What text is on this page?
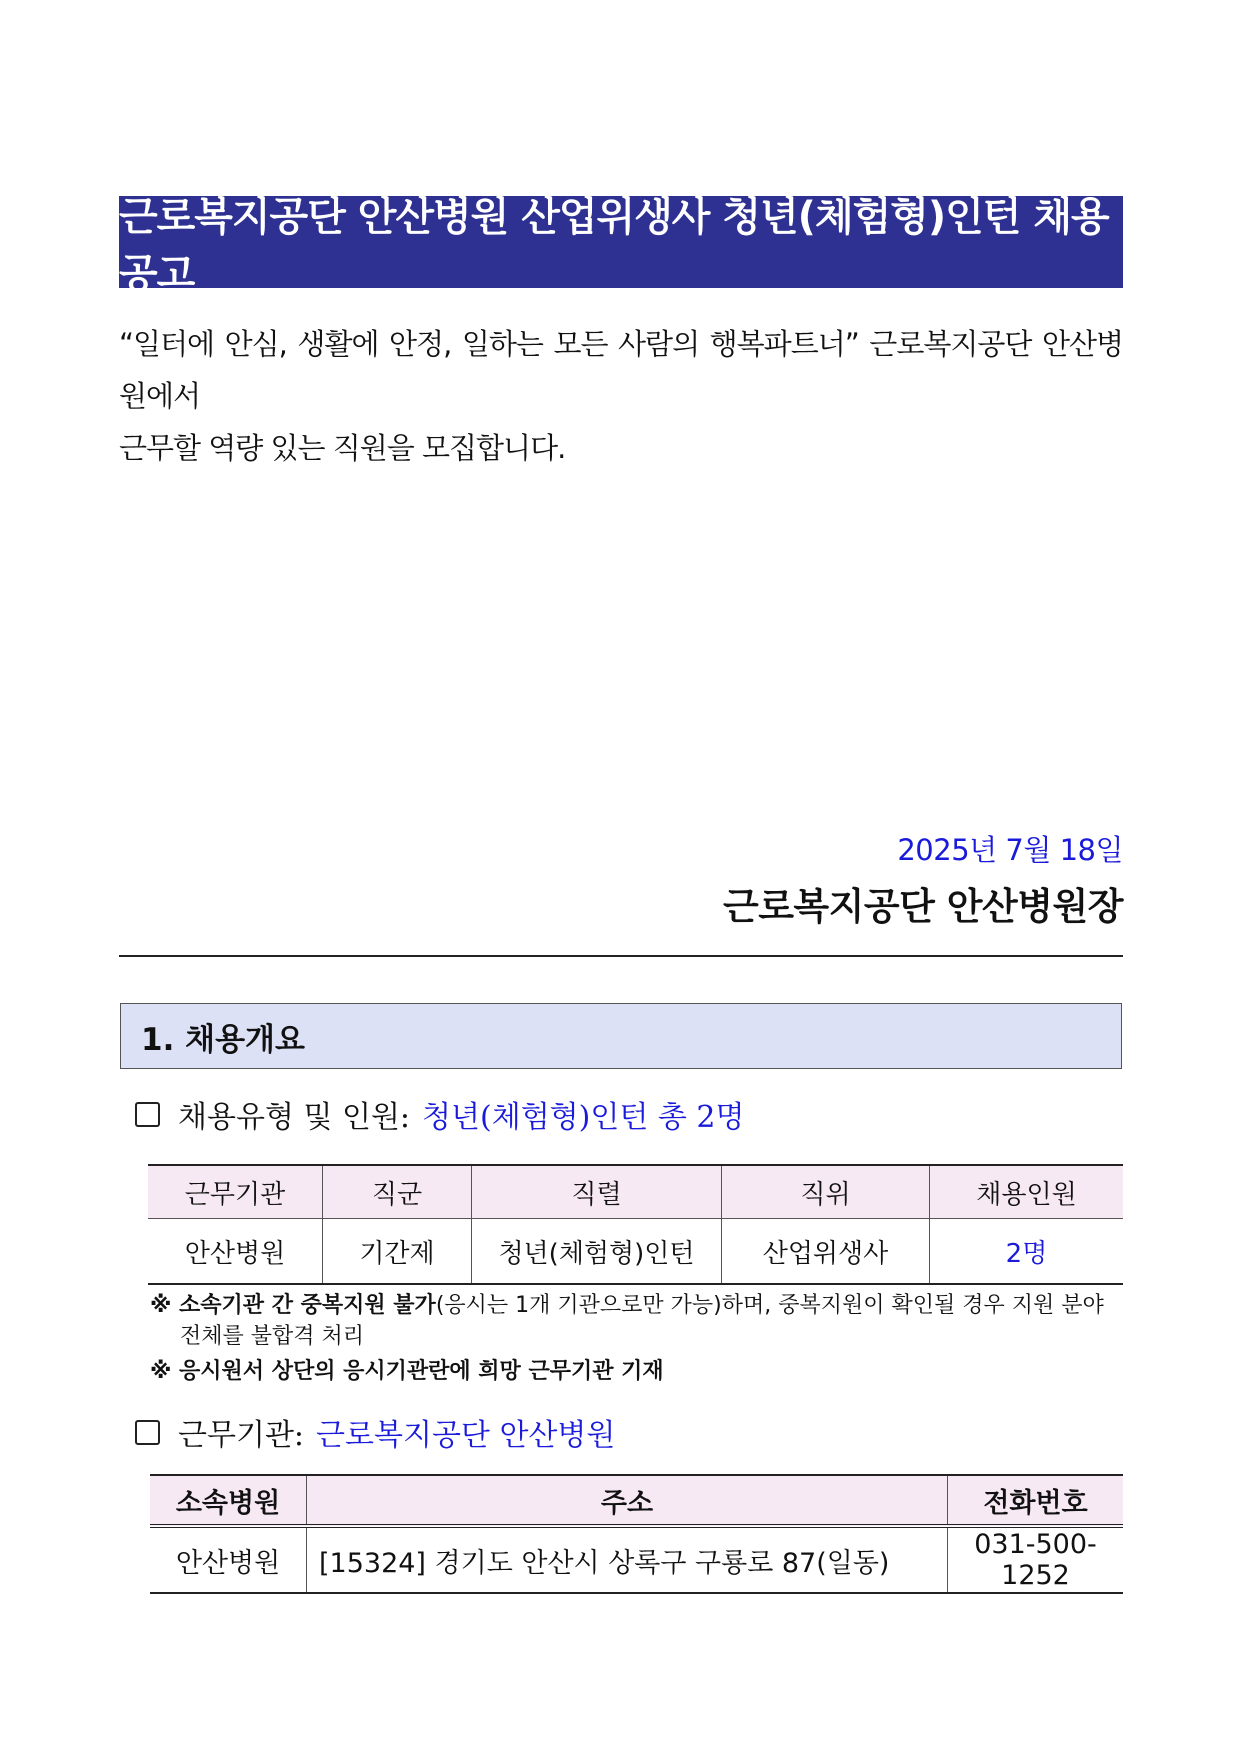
근로복지공단 안산병원 산업위생사 청년(체험형)인턴 채용 공고

“일터에 안심, 생활에 안정, 일하는 모든 사람의 행복파트너” 근로복지공단 안산병원에서

근무할 역량 있는 직원을 모집합니다.

2025년 7월 18일
근로복지공단 안산병원장
1. 채용개요
채용유형 및 인원: 청년(체험형)인턴 총 2명
근무기관	직군	직렬	직위	채용인원
안산병원	기간제	청년(체험형)인턴	산업위생사	2명

※ 소속기관 간 중복지원 불가(응시는 1개 기관으로만 가능)하며, 중복지원이 확인될 경우 지원 분야 전체를 불합격 처리

※ 응시원서 상단의 응시기관란에 희망 근무기관 기재

근무기관: 근로복지공단 안산병원
소속병원	주소	전화번호
안산병원	[15324] 경기도 안산시 상록구 구룡로 87(일동)	031-500-1252
